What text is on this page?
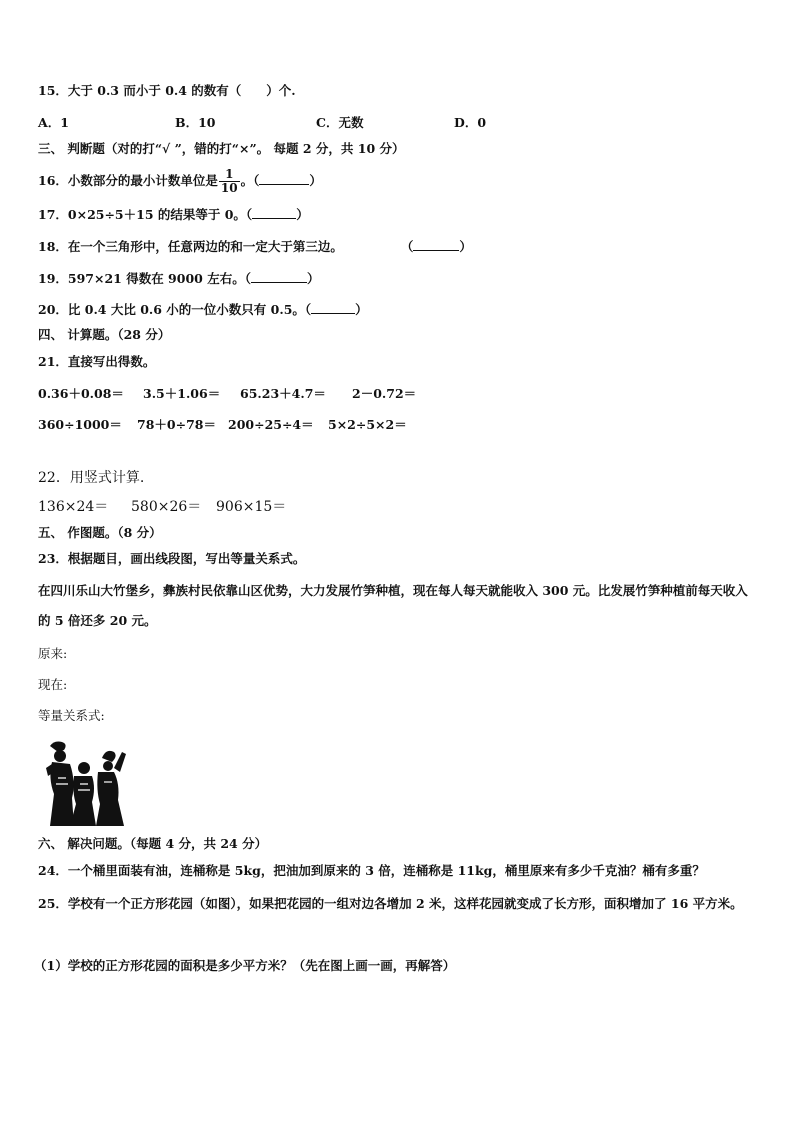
15．大于 0.3 而小于 0.4 的数有（　　）个.
A．1	B．10	C．无数	D．0
三、 判断题（对的打“√ ”，错的打“×”。 每题 2 分，共 10 分）
16．小数部分的最小计数单位是 $\frac{1}{10}$ 。（	）
17．0×25÷5＋15 的结果等于 0。（	）
18．在一个三角形中，任意两边的和一定大于第三边。	（	）
19．597×21 得数在 9000 左右。（	）
20．比 0.4 大比 0.6 小的一位小数只有 0.5。（	）
四、 计算题。（28 分）
21．直接写出得数。
0.36＋0.08＝ 3.5＋1.06＝ 65.23＋4.7＝ 2－0.72＝
360÷1000＝ 78＋0÷78＝ 200÷25÷4＝ 5×2÷5×2＝
22．用竖式计算.
136×24＝ 580×26＝ 906×15＝
五、 作图题。（8 分）
23．根据题目，画出线段图，写出等量关系式。
在四川乐山大竹堡乡，彝族村民依靠山区优势，大力发展竹笋种植，现在每人每天就能收入 300 元。比发展竹笋种植前每天收入的 5 倍还多 20 元。
原来:
现在:
等量关系式:
六、 解决问题。（每题 4 分，共 24 分）
24．一个桶里面装有油，连桶称是 5kg，把油加到原来的 3 倍，连桶称是 11kg，桶里原来有多少千克油？桶有多重？
25．学校有一个正方形花园（如图），如果把花园的一组对边各增加 2 米，这样花园就变成了长方形，面积增加了 16 平方米。
（1）学校的正方形花园的面积是多少平方米？（先在图上画一画，再解答）
